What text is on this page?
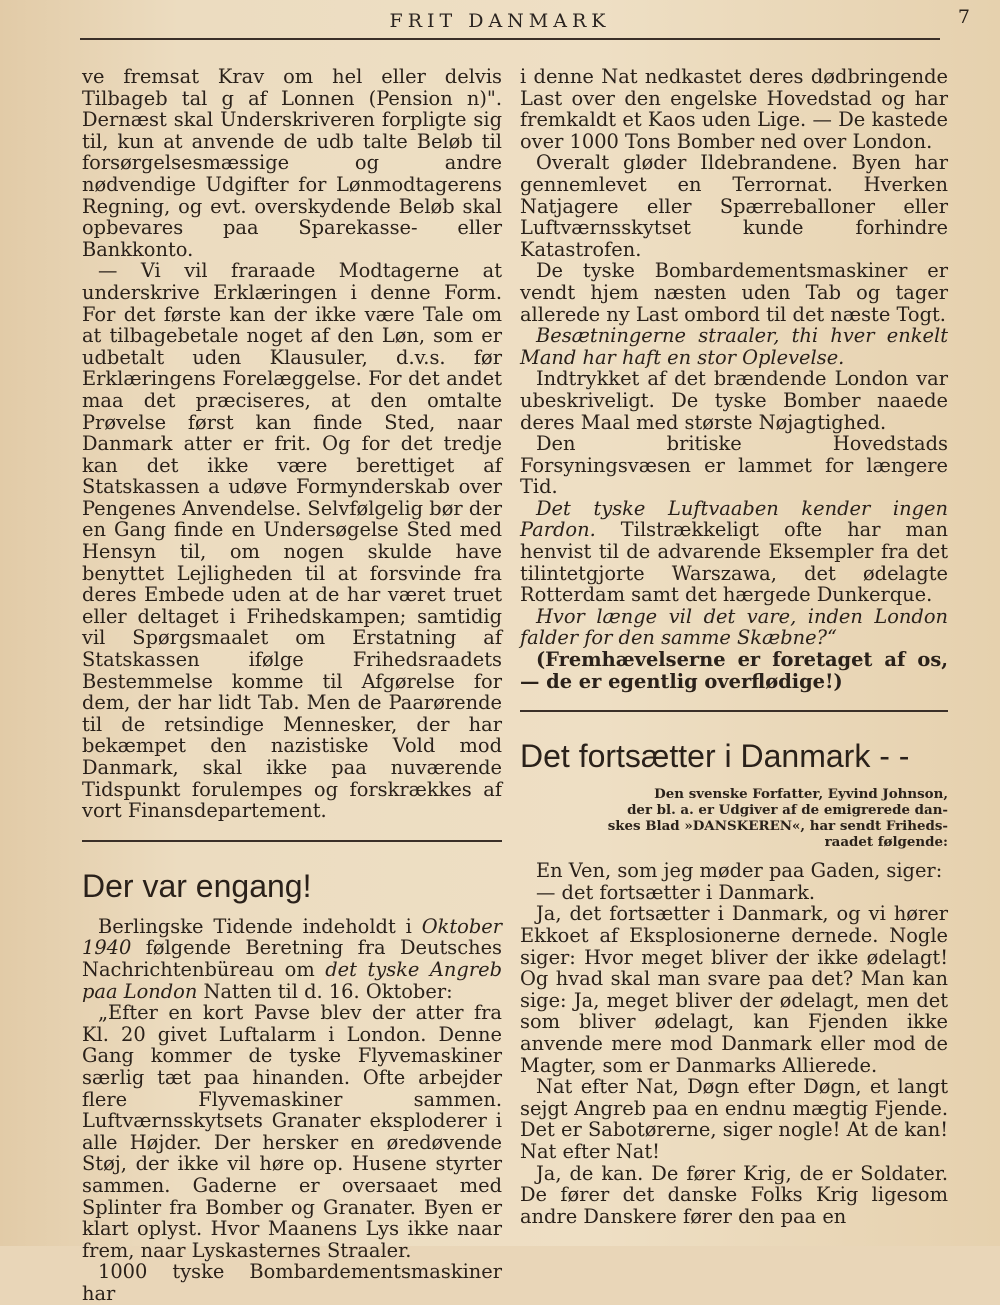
FRIT DANMARK	7

ve fremsat Krav om hel eller delvis Tilbageb tal g af Lonnen (Pension n)". Dernæst skal Underskriveren forpligte sig til, kun at anvende de udb talte Beløb til forsørgelsesmæssige og andre nødvendige Udgifter for Lønmodtagerens Regning, og evt. overskydende Beløb skal opbevares paa Sparekasse- eller Bankkonto.

— Vi vil fraraade Modtagerne at underskrive Erklæringen i denne Form. For det første kan der ikke være Tale om at tilbagebetale noget af den Løn, som er udbetalt uden Klausuler, d.v.s. før Erklæringens Forelæggelse. For det andet maa det præciseres, at den omtalte Prøvelse først kan finde Sted, naar Danmark atter er frit. Og for det tredje kan det ikke være berettiget af Statskassen a udøve Formynderskab over Pengenes Anvendelse. Selvfølgelig bør der en Gang finde en Undersøgelse Sted med Hensyn til, om nogen skulde have benyttet Lejligheden til at forsvinde fra deres Embede uden at de har været truet eller deltaget i Frihedskampen; samtidig vil Spørgsmaalet om Erstatning af Statskassen ifølge Frihedsraadets Bestemmelse komme til Afgørelse for dem, der har lidt Tab. Men de Paarørende til de retsindige Mennesker, der har bekæmpet den nazistiske Vold mod Danmark, skal ikke paa nuværende Tidspunkt forulempes og forskrækkes af vort Finansdepartement.

Der var engang!

Berlingske Tidende indeholdt i Oktober 1940 følgende Beretning fra Deutsches Nachrichtenbüreau om det tyske Angreb paa London Natten til d. 16. Oktober:

„Efter en kort Pavse blev der atter fra Kl. 20 givet Luftalarm i London. Denne Gang kommer de tyske Flyvemaskiner særlig tæt paa hinanden. Ofte arbejder flere Flyvemaskiner sammen. Luftværnsskytsets Granater eksploderer i alle Højder. Der hersker en øredøvende Støj, der ikke vil høre op. Husene styrter sammen. Gaderne er oversaaet med Splinter fra Bomber og Granater. Byen er klart oplyst. Hvor Maanens Lys ikke naar frem, naar Lyskasternes Straaler.

1000 tyske Bombardementsmaskiner har

i denne Nat nedkastet deres dødbringende Last over den engelske Hovedstad og har fremkaldt et Kaos uden Lige. — De kastede over 1000 Tons Bomber ned over London.

Overalt gløder Ildebrandene. Byen har gennemlevet en Terrornat. Hverken Natjagere eller Spærreballoner eller Luftværnsskytset kunde forhindre Katastrofen.

De tyske Bombardementsmaskiner er vendt hjem næsten uden Tab og tager allerede ny Last ombord til det næste Togt.

Besætningerne straaler, thi hver enkelt Mand har haft en stor Oplevelse.

Indtrykket af det brændende London var ubeskriveligt. De tyske Bomber naaede deres Maal med største Nøjagtighed.

Den britiske Hovedstads Forsyningsvæsen er lammet for længere Tid.

Det tyske Luftvaaben kender ingen Pardon. Tilstrækkeligt ofte har man henvist til de advarende Eksempler fra det tilintetgjorte Warszawa, det ødelagte Rotterdam samt det hærgede Dunkerque.

Hvor længe vil det vare, inden London falder for den samme Skæbne?“

(Fremhævelserne er foretaget af os, — de er egentlig overflødige!)

Det fortsætter i Danmark - -
Den svenske Forfatter, Eyvind Johnson,
der bl. a. er Udgiver af de emigrerede dan-
skes Blad »DANSKEREN«, har sendt Friheds-
raadet følgende:

En Ven, som jeg møder paa Gaden, siger:

— det fortsætter i Danmark.

Ja, det fortsætter i Danmark, og vi hører Ekkoet af Eksplosionerne dernede. Nogle siger: Hvor meget bliver der ikke ødelagt! Og hvad skal man svare paa det? Man kan sige: Ja, meget bliver der ødelagt, men det som bliver ødelagt, kan Fjenden ikke anvende mere mod Danmark eller mod de Magter, som er Danmarks Allierede.

Nat efter Nat, Døgn efter Døgn, et langt sejgt Angreb paa en endnu mægtig Fjende. Det er Sabotørerne, siger nogle! At de kan! Nat efter Nat!

Ja, de kan. De fører Krig, de er Soldater. De fører det danske Folks Krig ligesom andre Danskere fører den paa en
